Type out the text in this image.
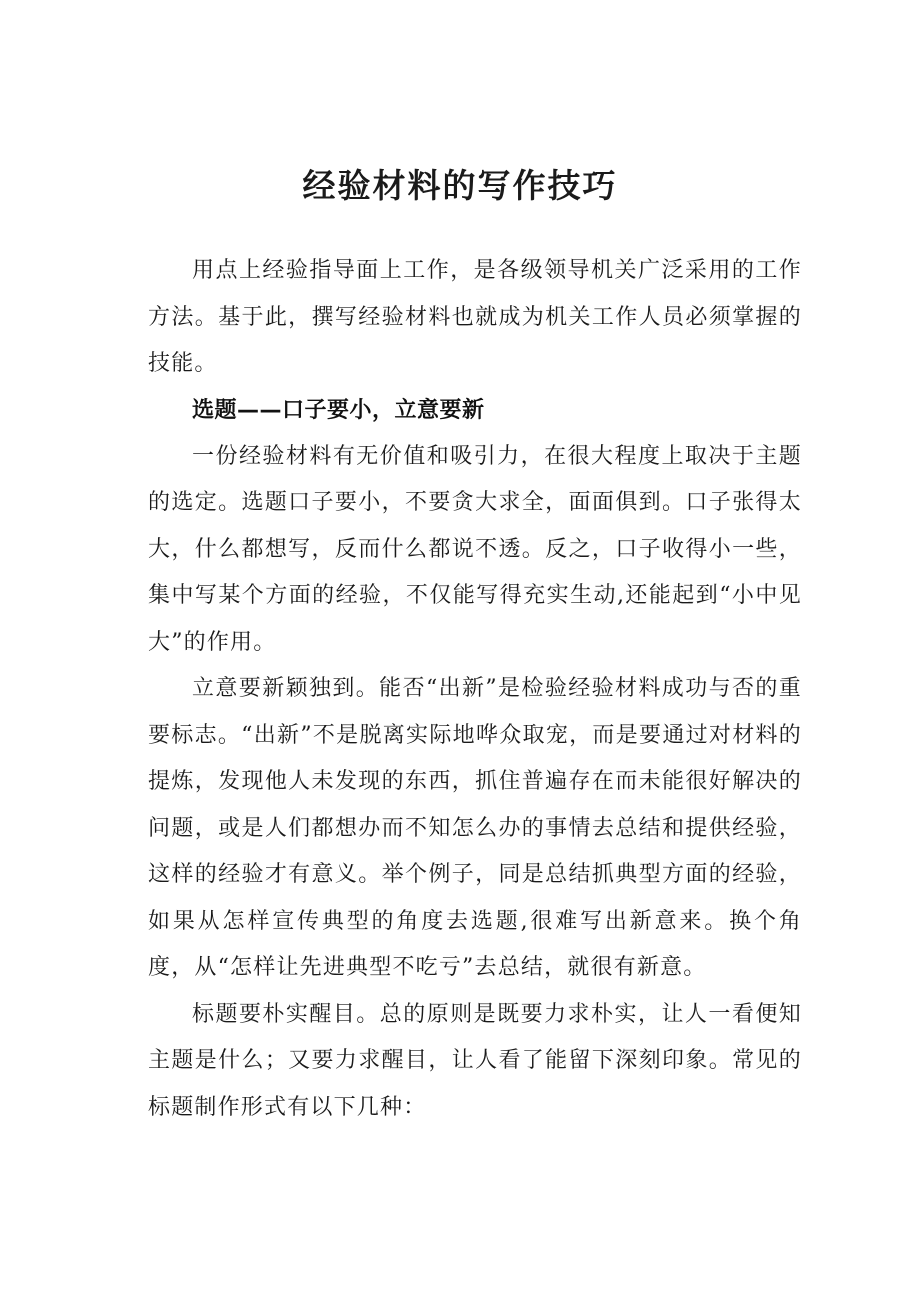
经验材料的写作技巧

用点上经验指导面上工作，是各级领导机关广泛采用的工作方法。基于此，撰写经验材料也就成为机关工作人员必须掌握的技能。

选题——口子要小，立意要新

一份经验材料有无价值和吸引力，在很大程度上取决于主题的选定。选题口子要小，不要贪大求全，面面俱到。口子张得太大，什么都想写，反而什么都说不透。反之，口子收得小一些，集中写某个方面的经验，不仅能写得充实生动,还能起到“小中见大”的作用。

立意要新颖独到。能否“出新”是检验经验材料成功与否的重要标志。“出新”不是脱离实际地哗众取宠，而是要通过对材料的提炼，发现他人未发现的东西，抓住普遍存在而未能很好解决的问题，或是人们都想办而不知怎么办的事情去总结和提供经验，这样的经验才有意义。举个例子，同是总结抓典型方面的经验，如果从怎样宣传典型的角度去选题,很难写出新意来。换个角度，从“怎样让先进典型不吃亏”去总结，就很有新意。

标题要朴实醒目。总的原则是既要力求朴实，让人一看便知主题是什么；又要力求醒目，让人看了能留下深刻印象。常见的标题制作形式有以下几种：
